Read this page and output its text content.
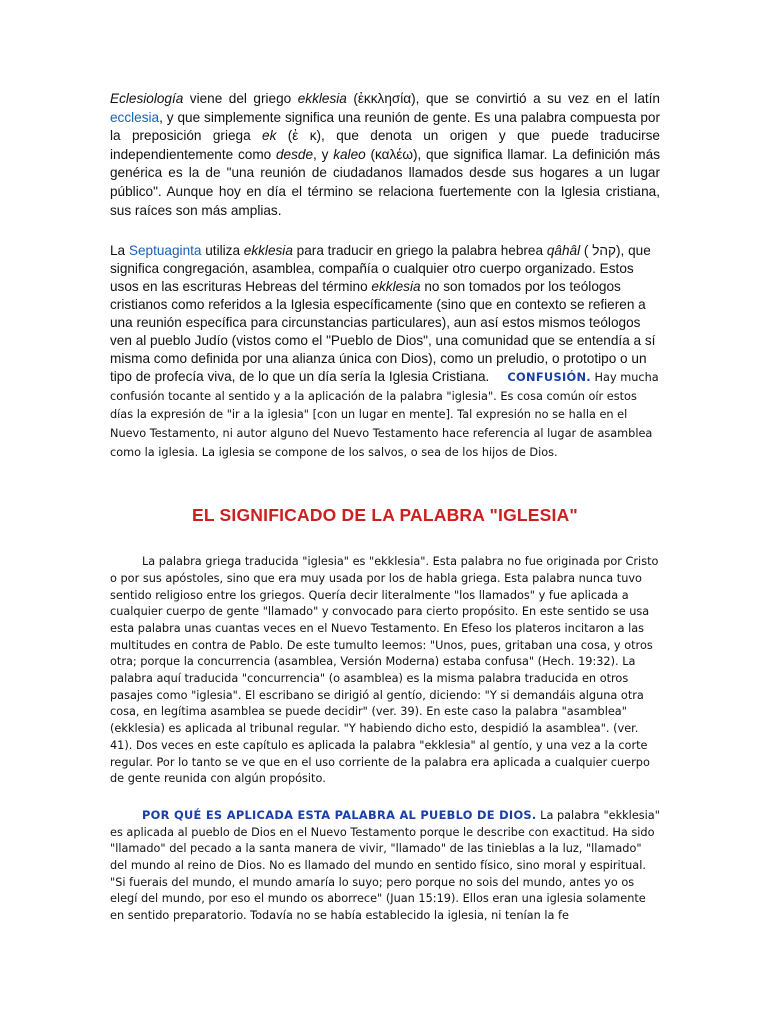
Eclesiología viene del griego ekklesia (ἐκκλησία), que se convirtió a su vez en el latín ecclesia, y que simplemente significa una reunión de gente. Es una palabra compuesta por la preposición griega ek (ἐ κ), que denota un origen y que puede traducirse independientemente como desde, y kaleo (καλέω), que significa llamar. La definición más genérica es la de "una reunión de ciudadanos llamados desde sus hogares a un lugar público". Aunque hoy en día el término se relaciona fuertemente con la Iglesia cristiana, sus raíces son más amplias.

La Septuaginta utiliza ekklesia para traducir en griego la palabra hebrea qâhâl ( קהל), que significa congregación, asamblea, compañía o cualquier otro cuerpo organizado. Estos usos en las escrituras Hebreas del término ekklesia no son tomados por los teólogos cristianos como referidos a la Iglesia específicamente (sino que en contexto se refieren a una reunión específica para circunstancias particulares), aun así estos mismos teólogos ven al pueblo Judío (vistos como el "Pueblo de Dios", una comunidad que se entendía a sí misma como definida por una alianza única con Dios), como un preludio, o prototipo o un tipo de profecía viva, de lo que un día sería la Iglesia Cristiana. CONFUSIÓN. Hay mucha confusión tocante al sentido y a la aplicación de la palabra "iglesia". Es cosa común oír estos días la expresión de "ir a la iglesia" [con un lugar en mente]. Tal expresión no se halla en el Nuevo Testamento, ni autor alguno del Nuevo Testamento hace referencia al lugar de asamblea como la iglesia. La iglesia se compone de los salvos, o sea de los hijos de Dios.
EL SIGNIFICADO DE LA PALABRA "IGLESIA"

La palabra griega traducida "iglesia" es "ekklesia". Esta palabra no fue originada por Cristo o por sus apóstoles, sino que era muy usada por los de habla griega. Esta palabra nunca tuvo sentido religioso entre los griegos. Quería decir literalmente "los llamados" y fue aplicada a cualquier cuerpo de gente "llamado" y convocado para cierto propósito. En este sentido se usa esta palabra unas cuantas veces en el Nuevo Testamento. En Efeso los plateros incitaron a las multitudes en contra de Pablo. De este tumulto leemos: "Unos, pues, gritaban una cosa, y otros otra; porque la concurrencia (asamblea, Versión Moderna) estaba confusa" (Hech. 19:32). La palabra aquí traducida "concurrencia" (o asamblea) es la misma palabra traducida en otros pasajes como "iglesia". El escribano se dirigió al gentío, diciendo: "Y si demandáis alguna otra cosa, en legítima asamblea se puede decidir" (ver. 39). En este caso la palabra "asamblea" (ekklesia) es aplicada al tribunal regular. "Y habiendo dicho esto, despidió la asamblea". (ver. 41). Dos veces en este capítulo es aplicada la palabra "ekklesia" al gentío, y una vez a la corte regular. Por lo tanto se ve que en el uso corriente de la palabra era aplicada a cualquier cuerpo de gente reunida con algún propósito.

POR QUÉ ES APLICADA ESTA PALABRA AL PUEBLO DE DIOS. La palabra "ekklesia" es aplicada al pueblo de Dios en el Nuevo Testamento porque le describe con exactitud. Ha sido "llamado" del pecado a la santa manera de vivir, "llamado" de las tinieblas a la luz, "llamado" del mundo al reino de Dios. No es llamado del mundo en sentido físico, sino moral y espiritual. "Si fuerais del mundo, el mundo amaría lo suyo; pero porque no sois del mundo, antes yo os elegí del mundo, por eso el mundo os aborrece" (Juan 15:19). Ellos eran una iglesia solamente en sentido preparatorio. Todavía no se había establecido la iglesia, ni tenían la fe
